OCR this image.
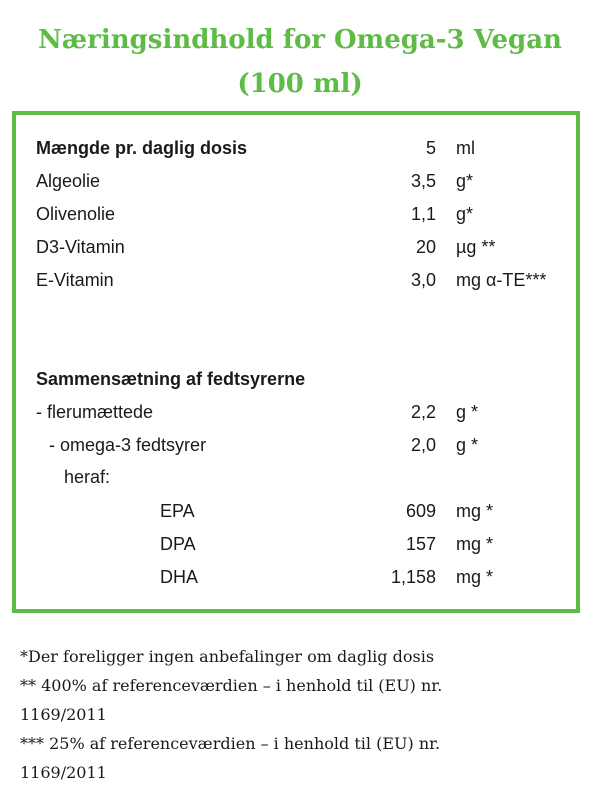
Næringsindhold for Omega-3 Vegan
(100 ml)
Mængde pr. daglig dosis	5 ml
Algeolie	3,5 g*
Olivenolie	1,1 g*
D3-Vitamin	20 µg **
E-Vitamin	3,0 mg α-TE***
Sammensætning af fedtsyrerne
- flerumættede	2,2 g *
- omega-3 fedtsyrer	2,0 g *
heraf:
EPA	609 mg *
DPA	157 mg *
DHA	1,158 mg *
*Der foreligger ingen anbefalinger om daglig dosis
** 400% af referenceværdien – i henhold til (EU) nr.
1169/2011
*** 25% af referenceværdien – i henhold til (EU) nr.
1169/2011
